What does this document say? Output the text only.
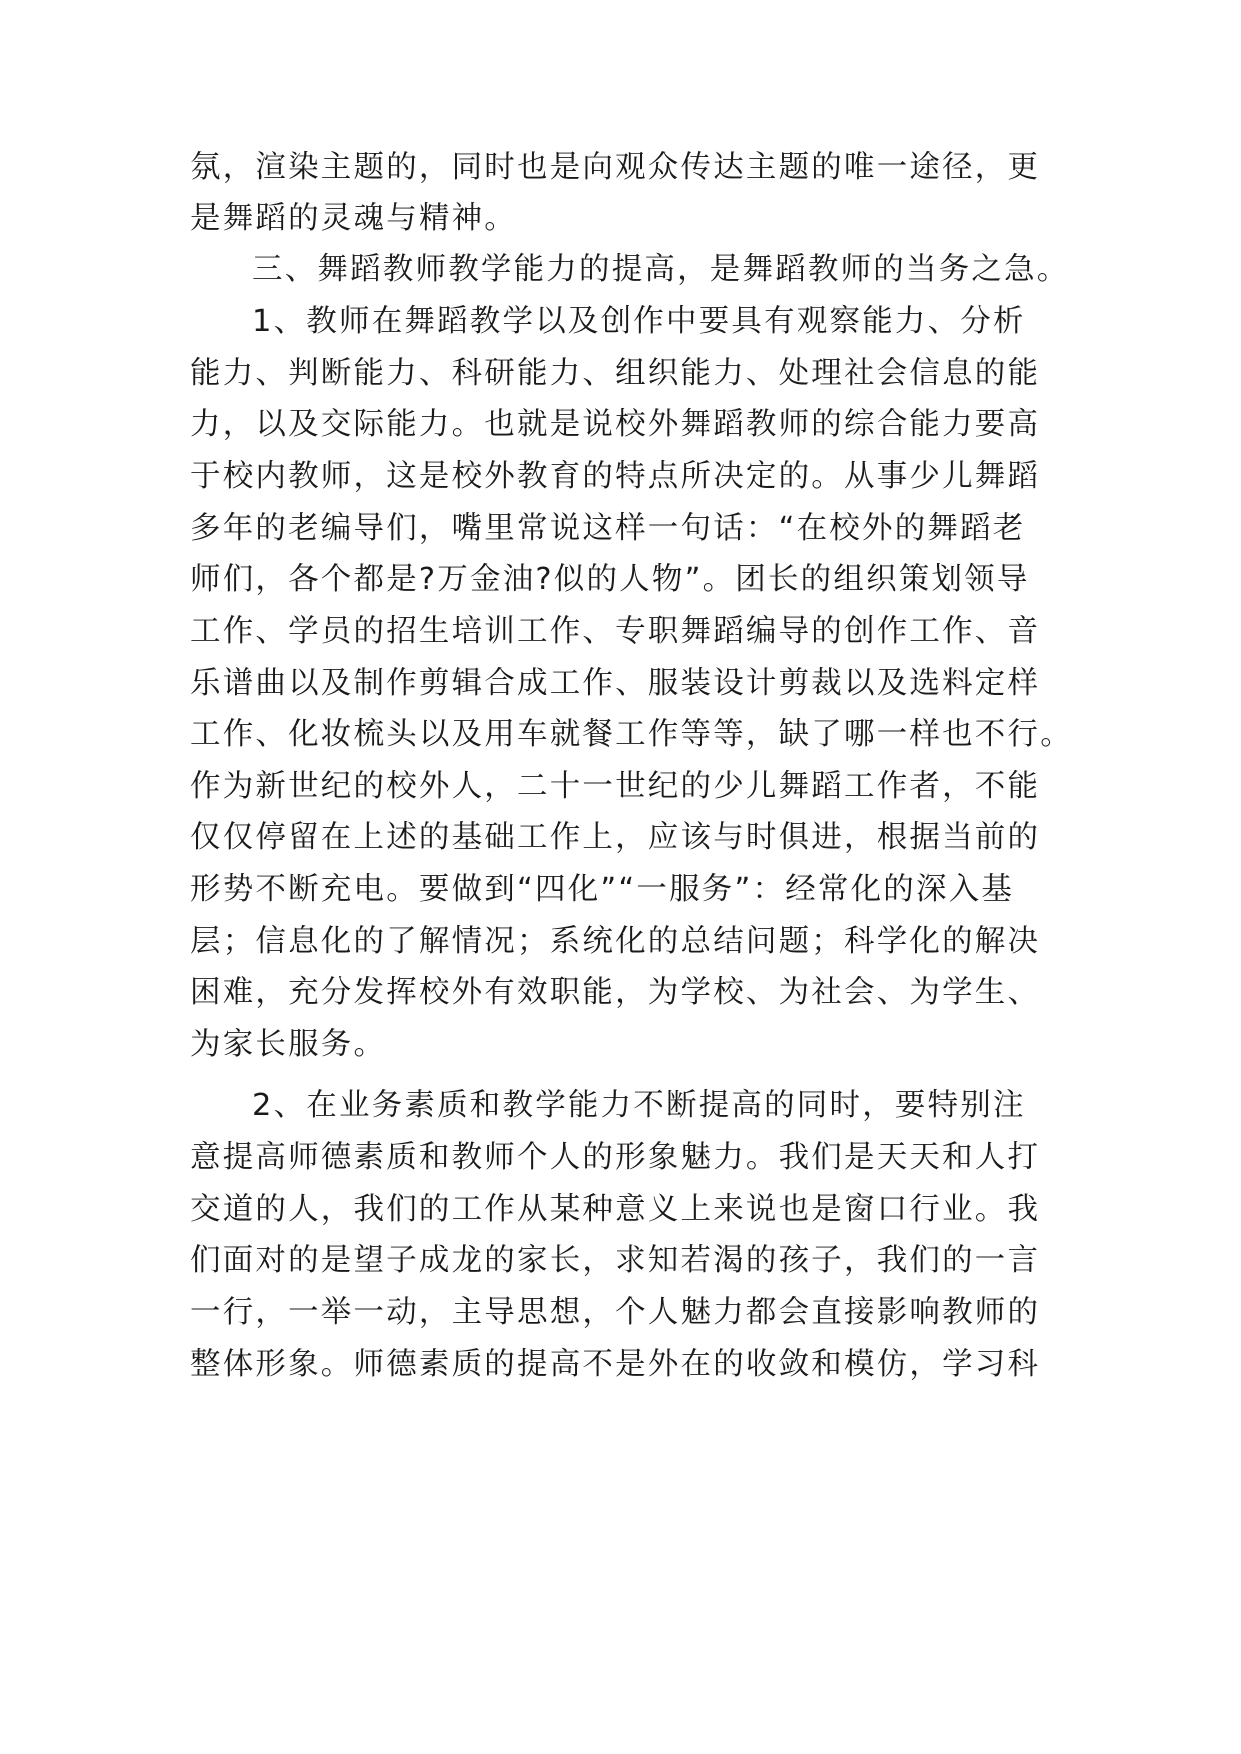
氛，渲染主题的，同时也是向观众传达主题的唯一途径，更

是舞蹈的灵魂与精神。

三、舞蹈教师教学能力的提高，是舞蹈教师的当务之急。

1、教师在舞蹈教学以及创作中要具有观察能力、分析

能力、判断能力、科研能力、组织能力、处理社会信息的能

力，以及交际能力。也就是说校外舞蹈教师的综合能力要高

于校内教师，这是校外教育的特点所决定的。从事少儿舞蹈

多年的老编导们，嘴里常说这样一句话：“在校外的舞蹈老

师们，各个都是?万金油?似的人物”。团长的组织策划领导

工作、学员的招生培训工作、专职舞蹈编导的创作工作、音

乐谱曲以及制作剪辑合成工作、服装设计剪裁以及选料定样

工作、化妆梳头以及用车就餐工作等等，缺了哪一样也不行。

作为新世纪的校外人，二十一世纪的少儿舞蹈工作者，不能

仅仅停留在上述的基础工作上，应该与时俱进，根据当前的

形势不断充电。要做到“四化”“一服务”：经常化的深入基

层；信息化的了解情况；系统化的总结问题；科学化的解决

困难，充分发挥校外有效职能，为学校、为社会、为学生、

为家长服务。

2、在业务素质和教学能力不断提高的同时，要特别注

意提高师德素质和教师个人的形象魅力。我们是天天和人打

交道的人，我们的工作从某种意义上来说也是窗口行业。我

们面对的是望子成龙的家长，求知若渴的孩子，我们的一言

一行，一举一动，主导思想，个人魅力都会直接影响教师的

整体形象。师德素质的提高不是外在的收敛和模仿，学习科
